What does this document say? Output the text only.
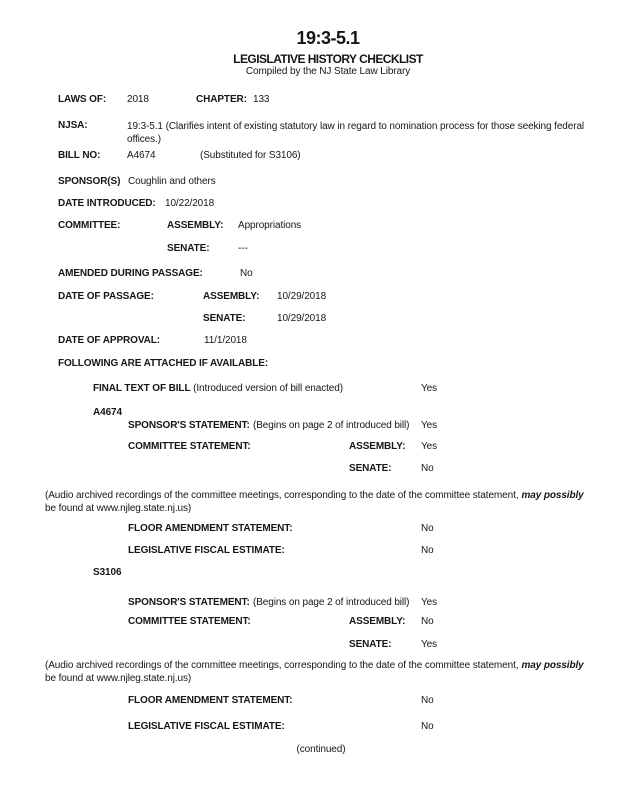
19:3-5.1
LEGISLATIVE HISTORY CHECKLIST
Compiled by the NJ State Law Library
LAWS OF: 2018	CHAPTER: 133
NJSA:	19:3-5.1 (Clarifies intent of existing statutory law in regard to nomination process for those seeking federal
offices.)
BILL NO:	A4674	(Substituted for S3106)
SPONSOR(S) Coughlin and others
DATE INTRODUCED: 10/22/2018
COMMITTEE:	ASSEMBLY: Appropriations
SENATE:	---
AMENDED DURING PASSAGE:	No
DATE OF PASSAGE:	ASSEMBLY: 10/29/2018
SENATE:	10/29/2018
DATE OF APPROVAL:	11/1/2018
FOLLOWING ARE ATTACHED IF AVAILABLE:
FINAL TEXT OF BILL (Introduced version of bill enacted)	Yes
A4674
SPONSOR'S STATEMENT: (Begins on page 2 of introduced bill) Yes
COMMITTEE STATEMENT:	ASSEMBLY: Yes
SENATE:	No
(Audio archived recordings of the committee meetings, corresponding to the date of the committee statement, may possibly
be found at www.njleg.state.nj.us)
FLOOR AMENDMENT STATEMENT:	No
LEGISLATIVE FISCAL ESTIMATE:	No
S3106
SPONSOR'S STATEMENT: (Begins on page 2 of introduced bill) Yes
COMMITTEE STATEMENT:	ASSEMBLY: No
SENATE:	Yes
(Audio archived recordings of the committee meetings, corresponding to the date of the committee statement, may possibly
be found at www.njleg.state.nj.us)
FLOOR AMENDMENT STATEMENT:	No
LEGISLATIVE FISCAL ESTIMATE:	No
(continued)
